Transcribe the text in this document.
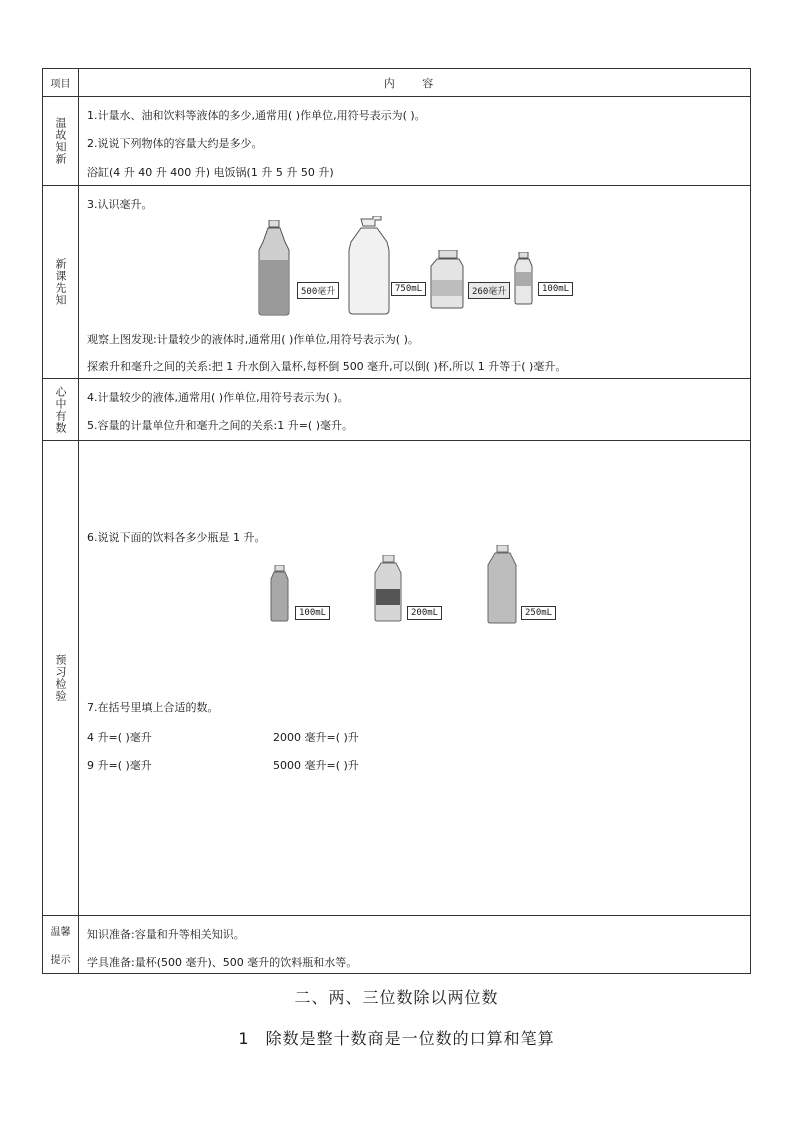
项目	内 容
温故知新
1.计量水、油和饮料等液体的多少,通常用( )作单位,用符号表示为( )。
2.说说下列物体的容量大约是多少。
浴缸(4 升 40 升 400 升) 电饭锅(1 升 5 升 50 升)
新课先知
3.认识毫升。
500毫升	750mL	260毫升	100mL
观察上图发现:计量较少的液体时,通常用( )作单位,用符号表示为( )。
探索升和毫升之间的关系:把 1 升水倒入量杯,每杯倒 500 毫升,可以倒( )杯,所以 1 升等于( )毫升。
心中有数 4.计量较少的液体,通常用( )作单位,用符号表示为( )。
5.容量的计量单位升和毫升之间的关系:1 升=( )毫升。
预习检验
6.说说下面的饮料各多少瓶是 1 升。
100mL	200mL	250mL
7.在括号里填上合适的数。
4 升=( )毫升	2000 毫升=( )升
9 升=( )毫升	5000 毫升=( )升
温馨
提示
知识准备:容量和升等相关知识。
学具准备:量杯(500 毫升)、500 毫升的饮料瓶和水等。
二、两、三位数除以两位数
1 除数是整十数商是一位数的口算和笔算
